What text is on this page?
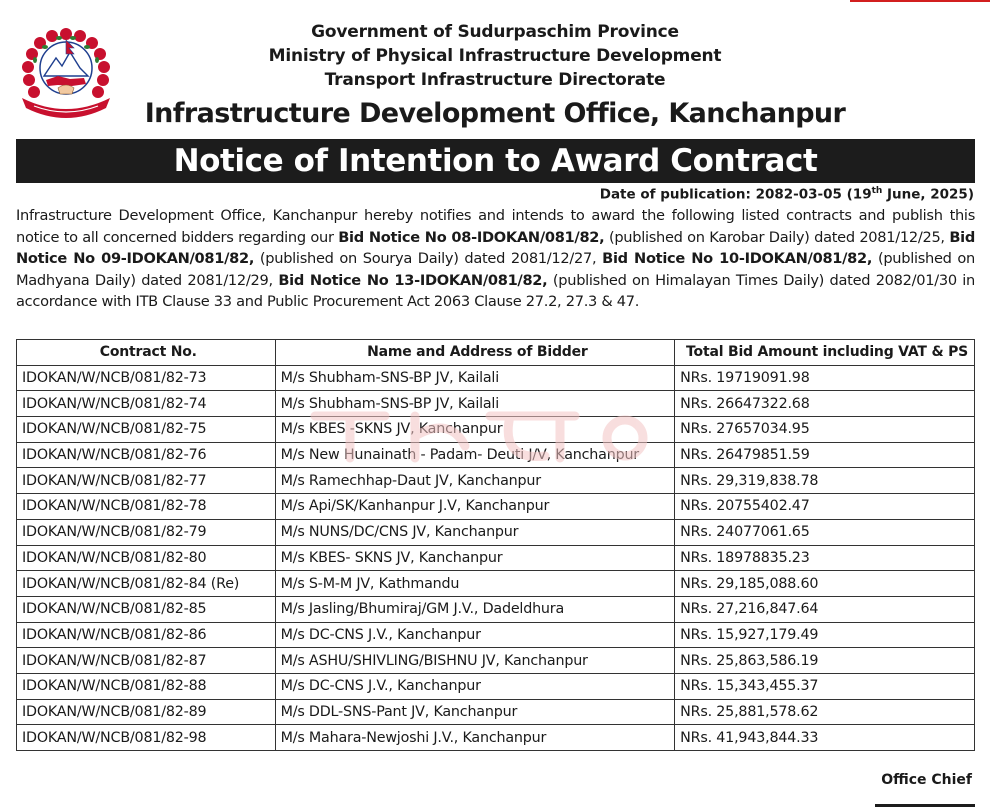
Government of Sudurpaschim Province
Ministry of Physical Infrastructure Development
Transport Infrastructure Directorate
Infrastructure Development Office, Kanchanpur
Notice of Intention to Award Contract
Date of publication: 2082-03-05 (19th June, 2025)
Infrastructure Development Office, Kanchanpur hereby notifies and intends to award the following listed contracts and publish this notice to all concerned bidders regarding our Bid Notice No 08-IDOKAN/081/82, (published on Karobar Daily) dated 2081/12/25, Bid Notice No 09-IDOKAN/081/82, (published on Sourya Daily) dated 2081/12/27, Bid Notice No 10-IDOKAN/081/82, (published on Madhyana Daily) dated 2081/12/29, Bid Notice No 13-IDOKAN/081/82, (published on Himalayan Times Daily) dated 2082/01/30 in accordance with ITB Clause 33 and Public Procurement Act 2063 Clause 27.2, 27.3 & 47.
Contract No.	Name and Address of Bidder	Total Bid Amount including VAT & PS
IDOKAN/W/NCB/081/82-73	M/s Shubham-SNS-BP JV, Kailali	NRs. 19719091.98
IDOKAN/W/NCB/081/82-74	M/s Shubham-SNS-BP JV, Kailali	NRs. 26647322.68
IDOKAN/W/NCB/081/82-75	M/s KBES -SKNS JV, Kanchanpur	NRs. 27657034.95
IDOKAN/W/NCB/081/82-76	M/s New Hunainath - Padam- Deuti J/V, Kanchanpur	NRs. 26479851.59
IDOKAN/W/NCB/081/82-77	M/s Ramechhap-Daut JV, Kanchanpur	NRs. 29,319,838.78
IDOKAN/W/NCB/081/82-78	M/s Api/SK/Kanhanpur J.V, Kanchanpur	NRs. 20755402.47
IDOKAN/W/NCB/081/82-79	M/s NUNS/DC/CNS JV, Kanchanpur	NRs. 24077061.65
IDOKAN/W/NCB/081/82-80	M/s KBES- SKNS JV, Kanchanpur	NRs. 18978835.23
IDOKAN/W/NCB/081/82-84 (Re)	M/s S-M-M JV, Kathmandu	NRs. 29,185,088.60
IDOKAN/W/NCB/081/82-85	M/s Jasling/Bhumiraj/GM J.V., Dadeldhura	NRs. 27,216,847.64
IDOKAN/W/NCB/081/82-86	M/s DC-CNS J.V., Kanchanpur	NRs. 15,927,179.49
IDOKAN/W/NCB/081/82-87	M/s ASHU/SHIVLING/BISHNU JV, Kanchanpur	NRs. 25,863,586.19
IDOKAN/W/NCB/081/82-88	M/s DC-CNS J.V., Kanchanpur	NRs. 15,343,455.37
IDOKAN/W/NCB/081/82-89	M/s DDL-SNS-Pant JV, Kanchanpur	NRs. 25,881,578.62
IDOKAN/W/NCB/081/82-98	M/s Mahara-Newjoshi J.V., Kanchanpur	NRs. 41,943,844.33
Office Chief
